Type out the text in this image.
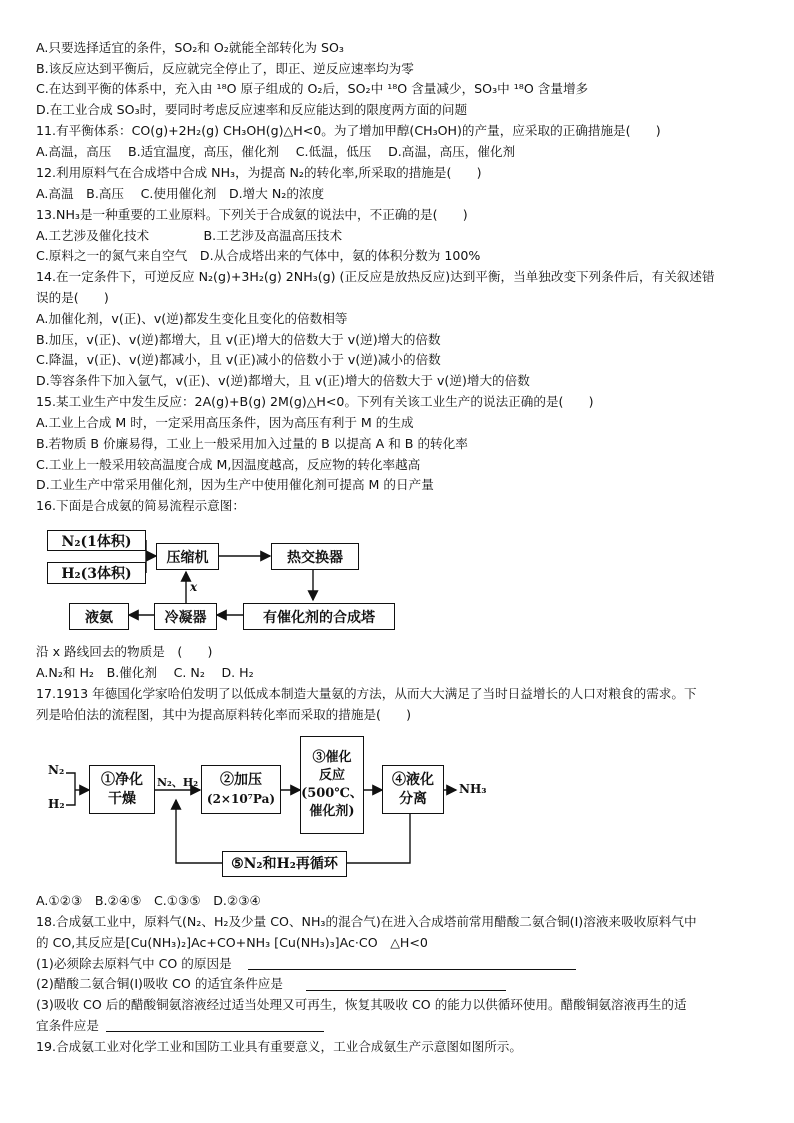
A.只要选择适宜的条件，SO₂和 O₂就能全部转化为 SO₃
B.该反应达到平衡后，反应就完全停止了，即正、逆反应速率均为零
C.在达到平衡的体系中，充入由 ¹⁸O 原子组成的 O₂后，SO₂中 ¹⁸O 含量减少，SO₃中 ¹⁸O 含量增多
D.在工业合成 SO₃时，要同时考虑反应速率和反应能达到的限度两方面的问题
11.有平衡体系：CO(g)+2H₂(g) CH₃OH(g)△H<0。为了增加甲醇(CH₃OH)的产量，应采取的正确措施是(　　)
A.高温，高压　 B.适宜温度，高压，催化剂　 C.低温，低压　 D.高温，高压，催化剂
12.利用原料气在合成塔中合成 NH₃，为提高 N₂的转化率,所采取的措施是(　　)
A.高温　B.高压　 C.使用催化剂　D.增大 N₂的浓度
13.NH₃是一种重要的工业原料。下列关于合成氨的说法中，不正确的是(　　)
A.工艺涉及催化技术　　　　 B.工艺涉及高温高压技术
C.原料之一的氮气来自空气　D.从合成塔出来的气体中，氨的体积分数为 100%
14.在一定条件下，可逆反应 N₂(g)+3H₂(g) 2NH₃(g) (正反应是放热反应)达到平衡，当单独改变下列条件后，有关叙述错
误的是(　　)
A.加催化剂，v(正)、v(逆)都发生变化且变化的倍数相等
B.加压，v(正)、v(逆)都增大，且 v(正)增大的倍数大于 v(逆)增大的倍数
C.降温，v(正)、v(逆)都减小，且 v(正)减小的倍数小于 v(逆)减小的倍数
D.等容条件下加入氩气，v(正)、v(逆)都增大，且 v(正)增大的倍数大于 v(逆)增大的倍数
15.某工业生产中发生反应：2A(g)+B(g) 2M(g)△H<0。下列有关该工业生产的说法正确的是(　　)
A.工业上合成 M 时，一定采用高压条件，因为高压有利于 M 的生成
B.若物质 B 价廉易得，工业上一般采用加入过量的 B 以提高 A 和 B 的转化率
C.工业上一般采用较高温度合成 M,因温度越高，反应物的转化率越高
D.工业生产中常采用催化剂，因为生产中使用催化剂可提高 M 的日产量
16.下面是合成氨的简易流程示意图：
N₂(1体积)
H₂(3体积)
压缩机	热交换器
有催化剂的合成塔
冷凝器
液氨
x
沿 x 路线回去的物质是　(　　)
A.N₂和 H₂　B.催化剂　 C. N₂　 D. H₂
17.1913 年德国化学家哈伯发明了以低成本制造大量氨的方法，从而大大满足了当时日益增长的人口对粮食的需求。下
列是哈伯法的流程图，其中为提高原料转化率而采取的措施是(　　)
N₂
H₂
①净化
干燥
N₂、H₂ ②加压
(2×10⁷Pa)
③催化
反应
(500℃、
催化剂)
④液化
分离
NH₃
⑤N₂和H₂再循环
A.①②③　B.②④⑤　C.①③⑤　D.②③④
18.合成氨工业中，原料气(N₂、H₂及少量 CO、NH₃的混合气)在进入合成塔前常用醋酸二氨合铜(I)溶液来吸收原料气中
的 CO,其反应是[Cu(NH₃)₂]Ac+CO+NH₃ [Cu(NH₃)₃]Ac·CO　△H<0
(1)必须除去原料气中 CO 的原因是
(2)醋酸二氨合铜(I)吸收 CO 的适宜条件应是
(3)吸收 CO 后的醋酸铜氨溶液经过适当处理又可再生，恢复其吸收 CO 的能力以供循环使用。醋酸铜氨溶液再生的适
宜条件应是
19.合成氨工业对化学工业和国防工业具有重要意义，工业合成氨生产示意图如图所示。
